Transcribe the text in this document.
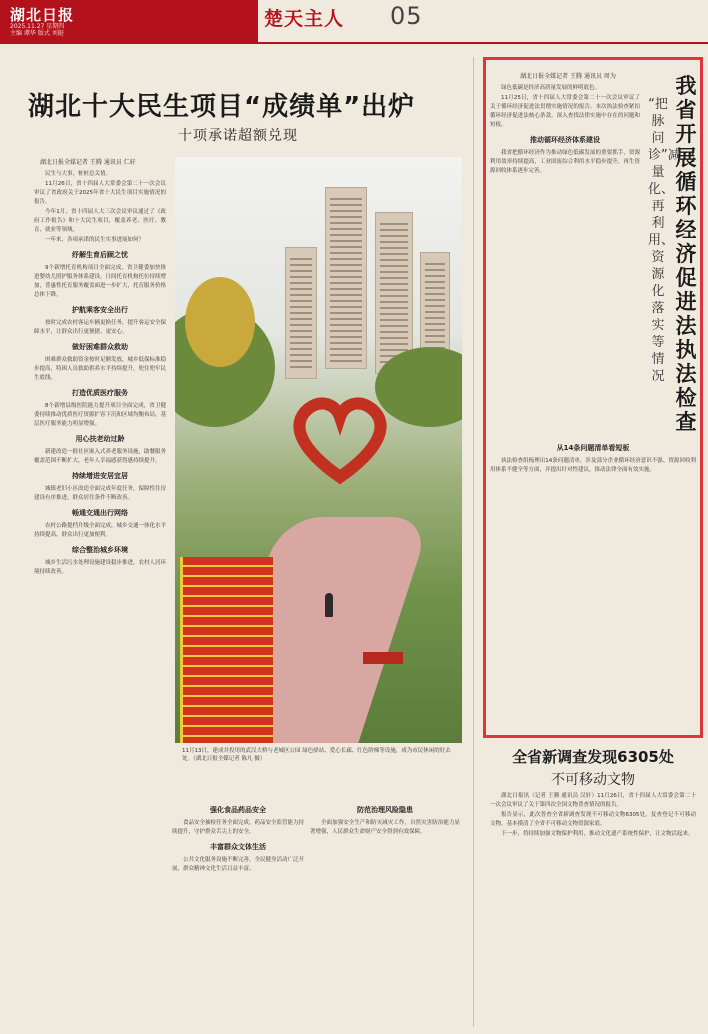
湖北日报
2025.11.27 星期四
主编 谭华 版式 刘挺
楚天主人 05
湖北十大民生项目“成绩单”出炉
十项承诺超额兑现
湖北日报全媒记者 王腾 通讯员 仁轩

民生与大事，桩桩总关情。

11月26日，省十四届人大常委会第二十一次会议审议了省政府关于2025年省十大民生项目实施情况的报告。

今年1月，省十四届人大三次会议审议通过了《政府工作报告》和十大民生项目，覆盖养老、医疗、教育、就业等领域。

一年来，各项承诺的民生实事进展如何？

纾解生育后顾之忧

9个新增托育机构项目全面完成，省卫健委加快推进婴幼儿照护服务体系建设，日间托育机构托位持续增加，普惠性托育服务覆盖面进一步扩大，托育服务价格总体下降。

护航乘客安全出行

按时完成农村客运车辆更换任务，提升客运安全保障水平，让群众出行更便捷、更安心。

做好困难群众救助

困难群众救助资金按时足额发放，城乡低保标准稳步提高，特困人员救助供养水平持续提升，兜住兜牢民生底线。

打造优质医疗服务

8个新增县级医院能力提升项目全面完成，省卫健委持续推动优质医疗资源扩容下沉和区域均衡布局，基层医疗服务能力明显增强。

用心扶老幼过龄

新建改造一批社区嵌入式养老服务设施，助餐服务覆盖范围不断扩大，老年人幸福感获得感持续提升。

持续增进安居宜居

城镇老旧小区改造全面完成年度任务，保障性住房建设有序推进，群众居住条件不断改善。

畅通交通出行网络

农村公路提档升级全面完成，城乡交通一体化水平持续提高，群众出行更加便利。

综合整治城乡环境

城乡生活污水处理设施建设稳步推进，农村人居环境持续改善。

11月13日，建成并投用的武汉大桥与老城区公园 绿色驿站、爱心长廊、红色阶梯等设施，成为市民休闲的好去处。（湖北日报全媒记者 陈凡 摄）
强化食品药品安全

食品安全抽检任务全面完成，药品安全监管能力持续提升，守护群众舌尖上的安全。

丰富群众文体生活

公共文化服务设施不断完善，全民健身活动广泛开展，群众精神文化生活日益丰富。

防范治理风险隐患

全面加强安全生产和防灾减灾工作，自然灾害防治能力显著增强，人民群众生命财产安全得到有效保障。

我省开展循环经济促进法执法检查
“把脉问诊”减量化、再利用、资源化落实等情况
湖北日报全媒记者 王腾 通讯员 周为

绿色低碳是经济高质量发展的鲜明底色。

11月25日，省十四届人大常委会第二十一次会议审议了关于循环经济促进法贯彻实施情况的报告。本次执法检查紧扣循环经济促进法核心条款，深入查找法律实施中存在的问题和短板。

推动循环经济体系建设

我省把循环经济作为推动绿色低碳发展的重要抓手，资源利用效率持续提高，工业固废综合利用水平稳步提升，再生资源回收体系逐步完善。

从14条问题清单看短板

执法检查组梳理出14条问题清单，涉及部分企业循环经济意识不强、资源回收利用体系不健全等方面，并提出针对性建议，推动法律全面有效实施。

全省新调查发现6305处
不可移动文物

湖北日报讯（记者 王腾 通讯员 汉轩）11月26日，省十四届人大常委会第二十一次会议审议了关于第四次全国文物普查情况的报告。

报告显示，此次普查全省新调查发现不可移动文物6305处，复查登记不可移动文物，基本摸清了全省不可移动文物资源家底。

下一步，将持续加强文物保护利用，推动文化遗产系统性保护，让文物活起来。
